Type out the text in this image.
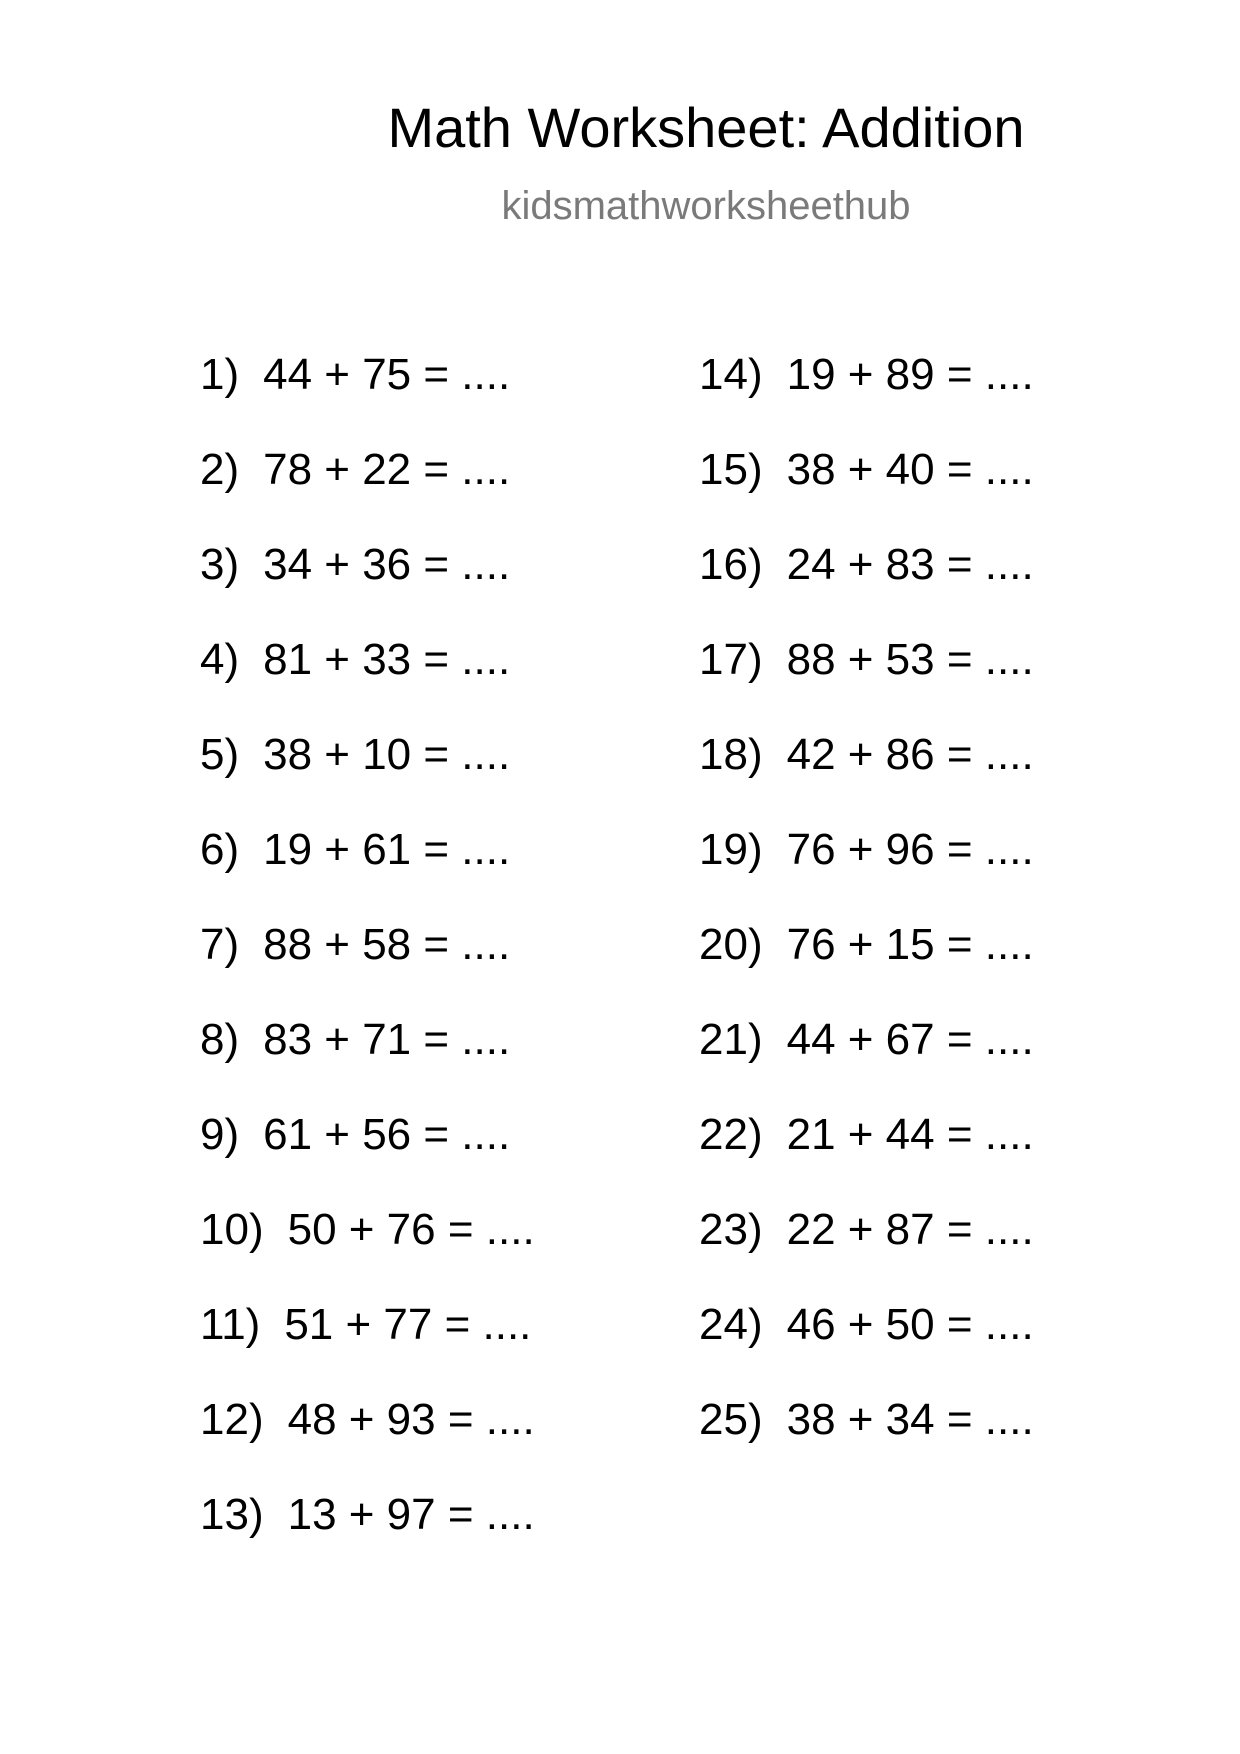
Math Worksheet: Addition
kidsmathworksheethub
1) 44 + 75 = ....
2) 78 + 22 = ....
3) 34 + 36 = ....
4) 81 + 33 = ....
5) 38 + 10 = ....
6) 19 + 61 = ....
7) 88 + 58 = ....
8) 83 + 71 = ....
9) 61 + 56 = ....
10) 50 + 76 = ....
11) 51 + 77 = ....
12) 48 + 93 = ....
13) 13 + 97 = ....
14) 19 + 89 = ....
15) 38 + 40 = ....
16) 24 + 83 = ....
17) 88 + 53 = ....
18) 42 + 86 = ....
19) 76 + 96 = ....
20) 76 + 15 = ....
21) 44 + 67 = ....
22) 21 + 44 = ....
23) 22 + 87 = ....
24) 46 + 50 = ....
25) 38 + 34 = ....
